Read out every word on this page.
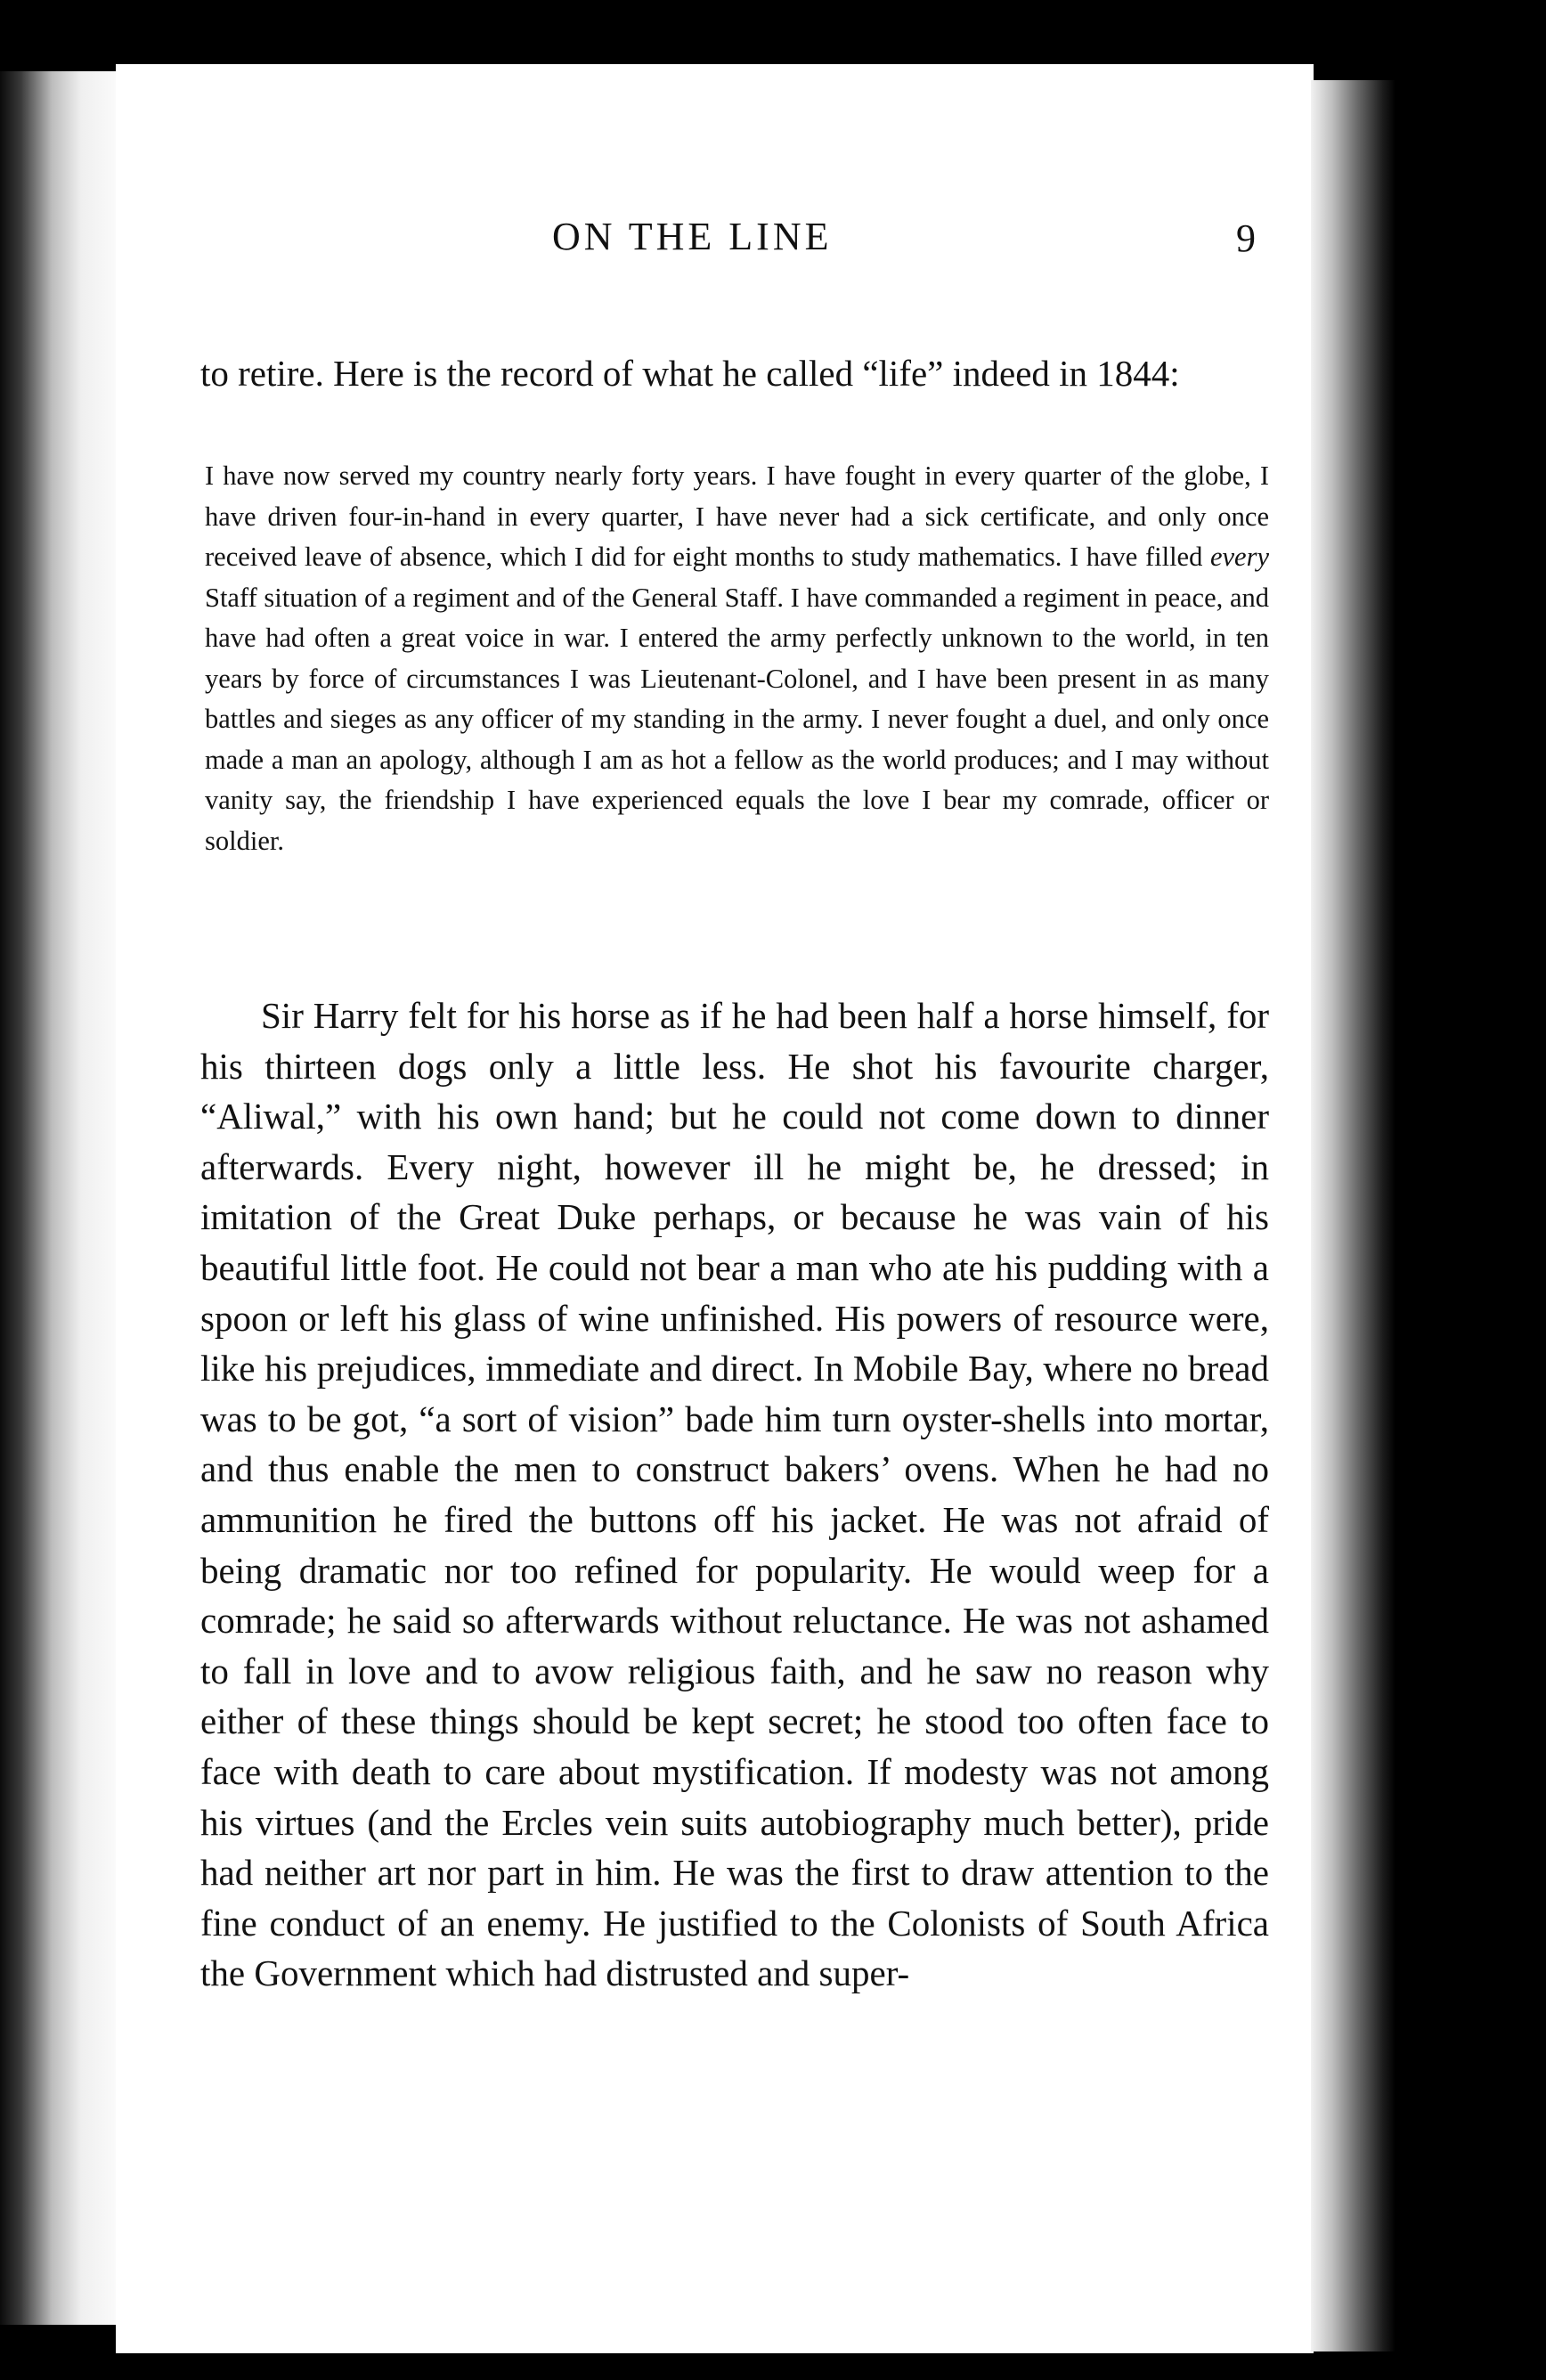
ON THE LINE	9

to retire. Here is the record of what he called “life” indeed in 1844:

I have now served my country nearly forty years. I have fought in every quarter of the globe, I have driven four-in-hand in every quarter, I have never had a sick certificate, and only once received leave of absence, which I did for eight months to study mathematics. I have filled every Staff situation of a regiment and of the General Staff. I have commanded a regiment in peace, and have had often a great voice in war. I entered the army perfectly unknown to the world, in ten years by force of circumstances I was Lieutenant-Colonel, and I have been present in as many battles and sieges as any officer of my standing in the army. I never fought a duel, and only once made a man an apology, although I am as hot a fellow as the world produces; and I may without vanity say, the friendship I have experienced equals the love I bear my comrade, officer or soldier.

Sir Harry felt for his horse as if he had been half a horse himself, for his thirteen dogs only a little less. He shot his favourite charger, “Aliwal,” with his own hand; but he could not come down to dinner afterwards. Every night, however ill he might be, he dressed; in imitation of the Great Duke perhaps, or because he was vain of his beautiful little foot. He could not bear a man who ate his pudding with a spoon or left his glass of wine unfinished. His powers of resource were, like his prejudices, immediate and direct. In Mobile Bay, where no bread was to be got, “a sort of vision” bade him turn oyster-shells into mortar, and thus enable the men to construct bakers’ ovens. When he had no ammunition he fired the buttons off his jacket. He was not afraid of being dramatic nor too refined for popularity. He would weep for a comrade; he said so afterwards without reluctance. He was not ashamed to fall in love and to avow religious faith, and he saw no reason why either of these things should be kept secret; he stood too often face to face with death to care about mystification. If modesty was not among his virtues (and the Ercles vein suits autobiography much better), pride had neither art nor part in him. He was the first to draw attention to the fine conduct of an enemy. He justified to the Colonists of South Africa the Government which had distrusted and super-
